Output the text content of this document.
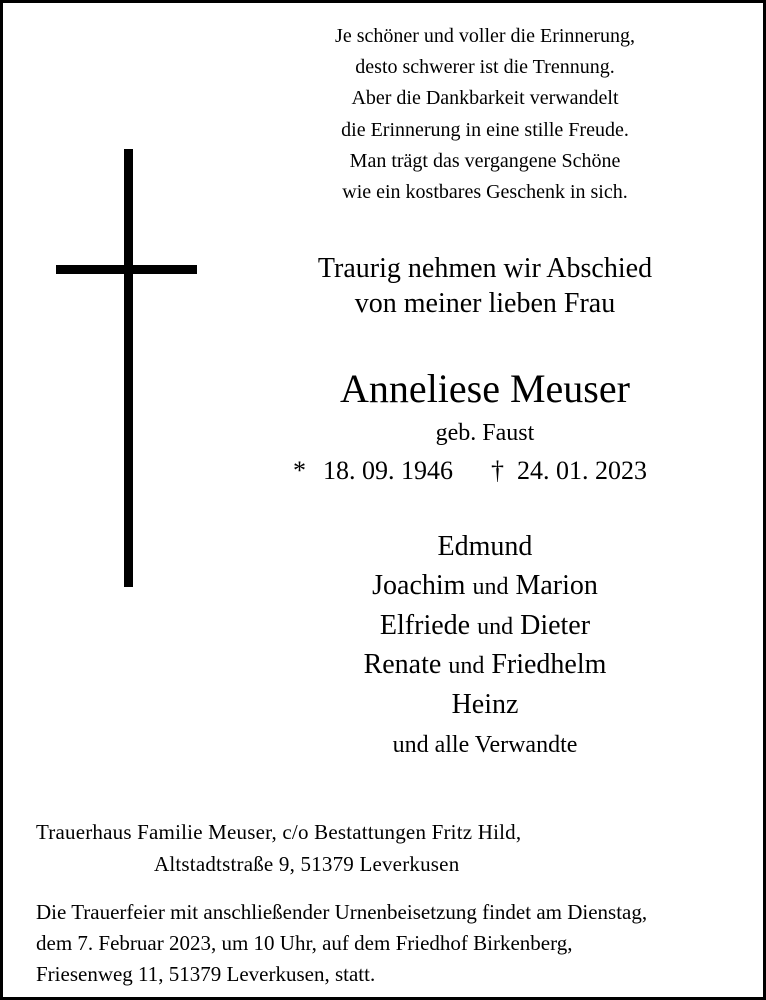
Je schöner und voller die Erinnerung,
desto schwerer ist die Trennung.
Aber die Dankbarkeit verwandelt
die Erinnerung in eine stille Freude.
Man trägt das vergangene Schöne
wie ein kostbares Geschenk in sich.
Traurig nehmen wir Abschied
von meiner lieben Frau
Anneliese Meuser
geb. Faust
* 18. 09. 1946 † 24. 01. 2023
Edmund
Joachim und Marion
Elfriede und Dieter
Renate und Friedhelm
Heinz
und alle Verwandte
Trauerhaus Familie Meuser, c/o Bestattungen Fritz Hild,
Altstadtstraße 9, 51379 Leverkusen
Die Trauerfeier mit anschließender Urnenbeisetzung findet am Dienstag,
dem 7. Februar 2023, um 10 Uhr, auf dem Friedhof Birkenberg,
Friesenweg 11, 51379 Leverkusen, statt.
